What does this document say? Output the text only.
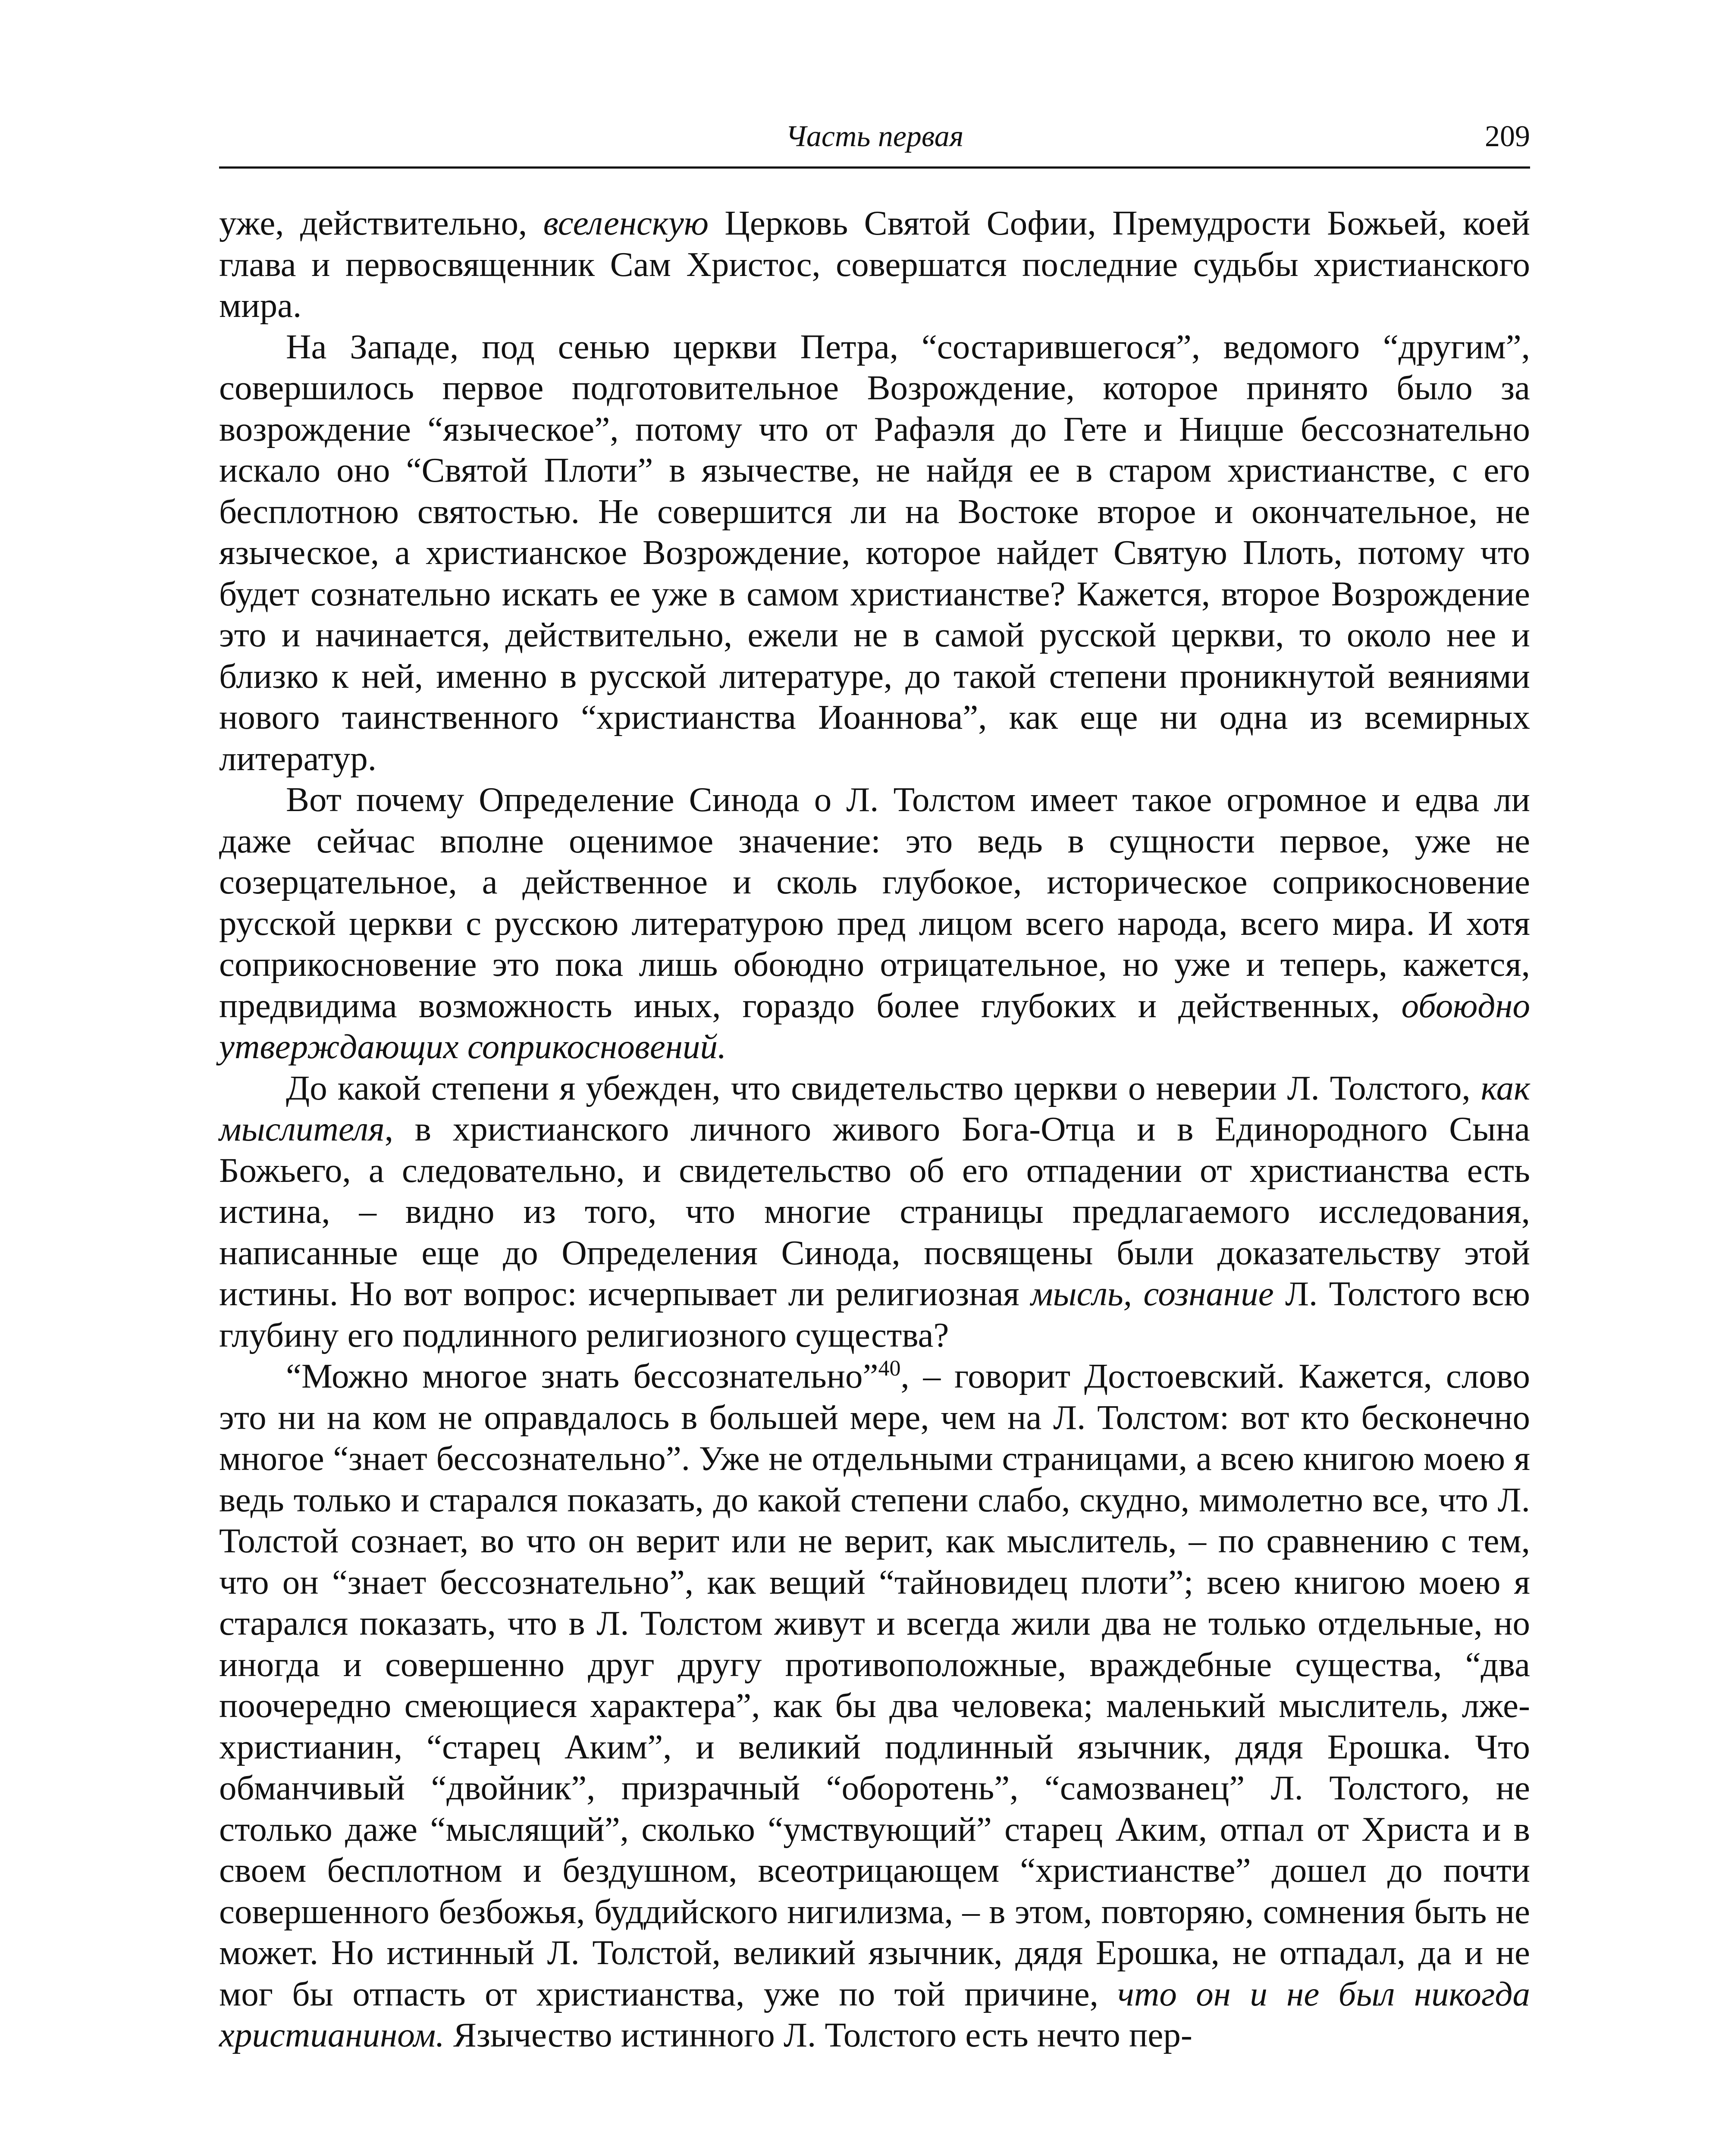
Часть первая	209

уже, действительно, вселенскую Церковь Святой Софии, Премудрости Божьей, коей глава и первосвященник Сам Христос, совершатся последние судьбы христианского мира.

На Западе, под сенью церкви Петра, “состарившегося”, ведомого “другим”, совершилось первое подготовительное Возрождение, которое принято было за возрождение “языческое”, потому что от Рафаэля до Гете и Ницше бессознательно искало оно “Святой Плоти” в язычестве, не найдя ее в старом христианстве, с его бесплотною святостью. Не совершится ли на Востоке второе и окончательное, не языческое, а христианское Возрождение, которое найдет Святую Плоть, потому что будет сознательно искать ее уже в самом христианстве? Кажется, второе Возрождение это и начинается, действительно, ежели не в самой русской церкви, то около нее и близко к ней, именно в русской литературе, до такой степени проникнутой веяниями нового таинственного “христианства Иоаннова”, как еще ни одна из всемирных литератур.

Вот почему Определение Синода о Л. Толстом имеет такое огромное и едва ли даже сейчас вполне оценимое значение: это ведь в сущности первое, уже не созерцательное, а действенное и сколь глубокое, историческое соприкосновение русской церкви с русскою литературою пред лицом всего народа, всего мира. И хотя соприкосновение это пока лишь обоюдно отрицательное, но уже и теперь, кажется, предвидима возможность иных, гораздо более глубоких и действенных, обоюдно утверждающих соприкосновений.

До какой степени я убежден, что свидетельство церкви о неверии Л. Толстого, как мыслителя, в христианского личного живого Бога-Отца и в Единородного Сына Божьего, а следовательно, и свидетельство об его отпадении от христианства есть истина, – видно из того, что многие страницы предлагаемого исследования, написанные еще до Определения Синода, посвящены были доказательству этой истины. Но вот вопрос: исчерпывает ли религиозная мысль, сознание Л. Толстого всю глубину его подлинного религиозного существа?

“Можно многое знать бессознательно”$^{40}$, – говорит Достоевский. Кажется, слово это ни на ком не оправдалось в большей мере, чем на Л. Толстом: вот кто бесконечно многое “знает бессознательно”. Уже не отдельными страницами, а всею книгою моею я ведь только и старался показать, до какой степени слабо, скудно, мимолетно все, что Л. Толстой сознает, во что он верит или не верит, как мыслитель, – по сравнению с тем, что он “знает бессознательно”, как вещий “тайновидец плоти”; всею книгою моею я старался показать, что в Л. Толстом живут и всегда жили два не только отдельные, но иногда и совершенно друг другу противоположные, враждебные существа, “два поочередно смеющиеся характера”, как бы два человека; маленький мыслитель, лже-христианин, “старец Аким”, и великий подлинный язычник, дядя Ерошка. Что обманчивый “двойник”, призрачный “оборотень”, “самозванец” Л. Толстого, не столько даже “мыслящий”, сколько “умствующий” старец Аким, отпал от Христа и в своем бесплотном и бездушном, всеотрицающем “христианстве” дошел до почти совершенного безбожья, буддийского нигилизма, – в этом, повторяю, сомнения быть не может. Но истинный Л. Толстой, великий язычник, дядя Ерошка, не отпадал, да и не мог бы отпасть от христианства, уже по той причине, что он и не был никогда христианином. Язычество истинного Л. Толстого есть нечто пер-
